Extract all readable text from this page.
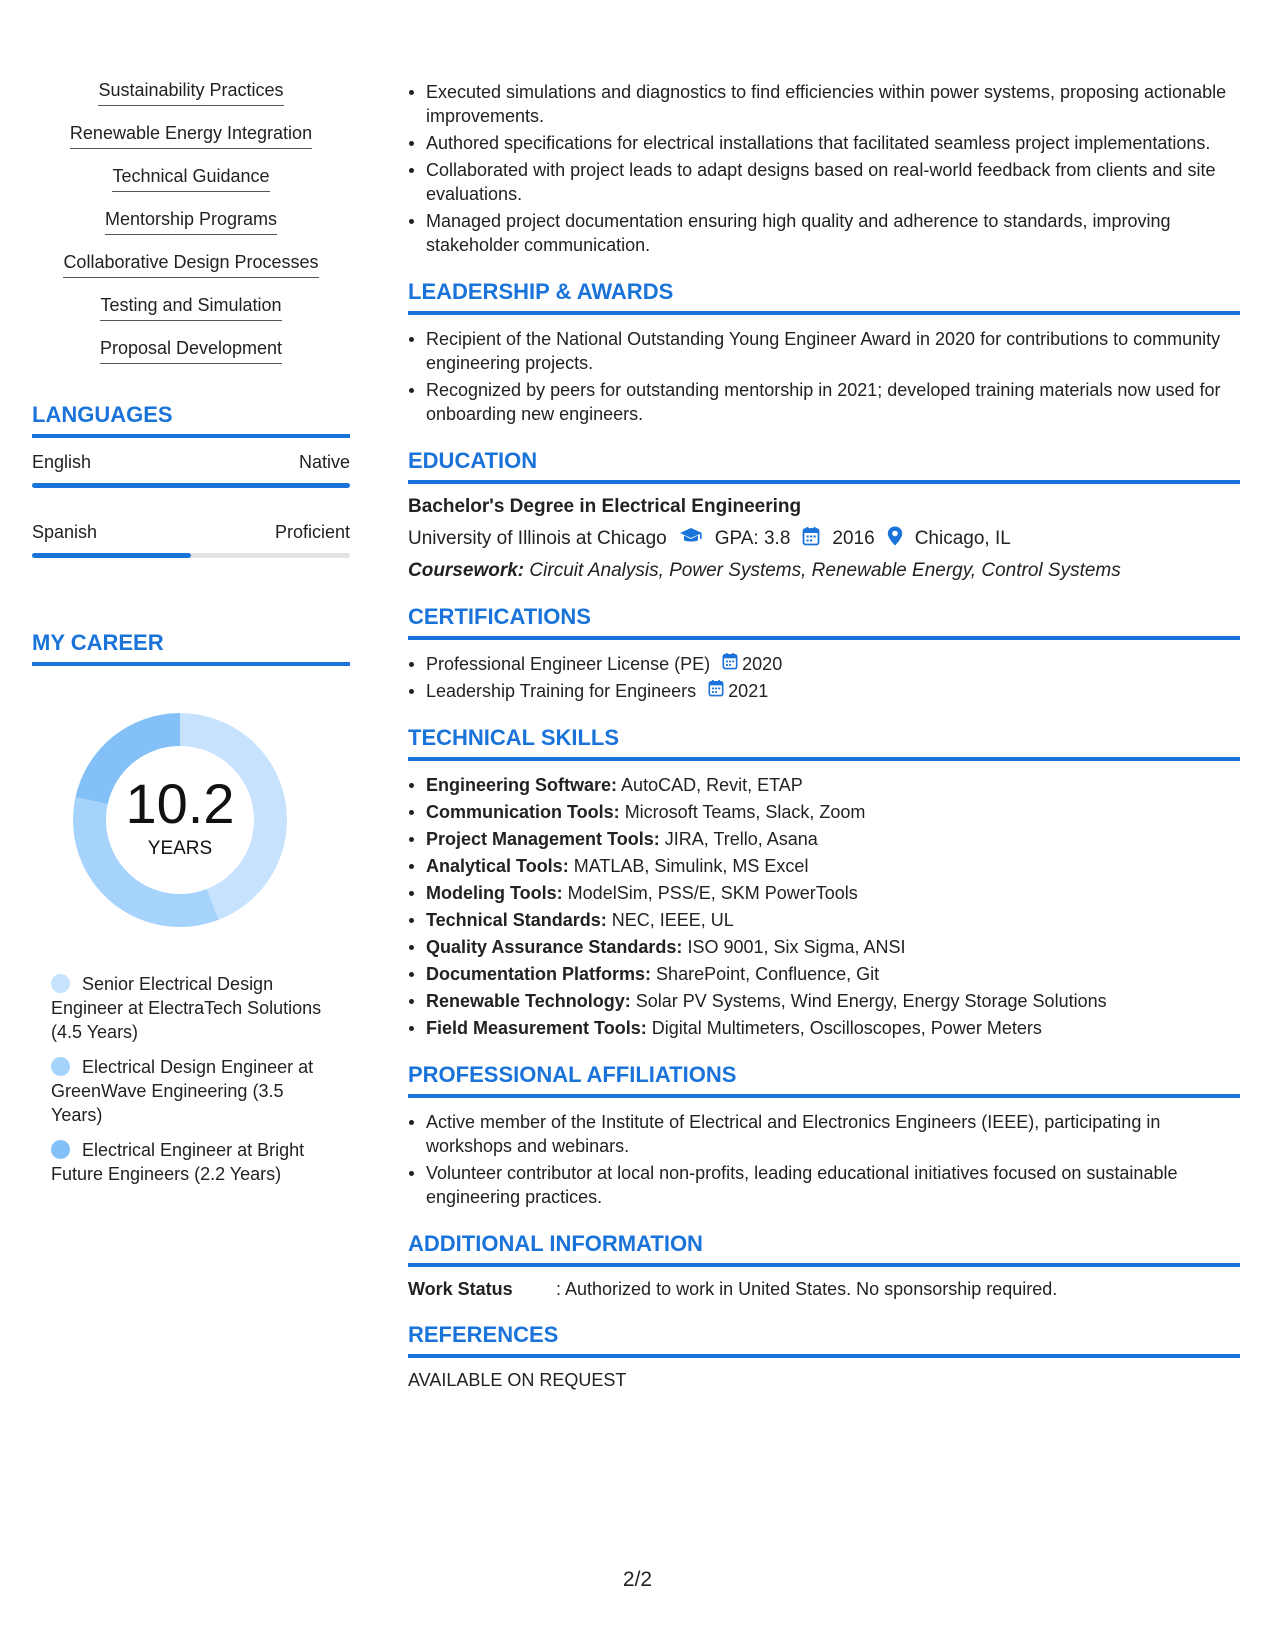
Sustainability Practices
Renewable Energy Integration
Technical Guidance
Mentorship Programs
Collaborative Design Processes
Testing and Simulation
Proposal Development
LANGUAGES
English	Native
Spanish	Proficient
MY CAREER
10.2
YEARS
Senior Electrical Design Engineer at ElectraTech Solutions (4.5 Years)
Electrical Design Engineer at GreenWave Engineering (3.5 Years)
Electrical Engineer at Bright Future Engineers (2.2 Years)
Executed simulations and diagnostics to find efficiencies within power systems, proposing actionable improvements.
Authored specifications for electrical installations that facilitated seamless project implementations.
Collaborated with project leads to adapt designs based on real-world feedback from clients and site evaluations.
Managed project documentation ensuring high quality and adherence to standards, improving stakeholder communication.
LEADERSHIP & AWARDS
Recipient of the National Outstanding Young Engineer Award in 2020 for contributions to community engineering projects.
Recognized by peers for outstanding mentorship in 2021; developed training materials now used for onboarding new engineers.
EDUCATION
Bachelor's Degree in Electrical Engineering
University of Illinois at Chicago	GPA: 3.8 2016 Chicago, IL
Coursework: Circuit Analysis, Power Systems, Renewable Energy, Control Systems
CERTIFICATIONS
Professional Engineer License (PE) 2020
Leadership Training for Engineers 2021
TECHNICAL SKILLS
Engineering Software: AutoCAD, Revit, ETAP
Communication Tools: Microsoft Teams, Slack, Zoom
Project Management Tools: JIRA, Trello, Asana
Analytical Tools: MATLAB, Simulink, MS Excel
Modeling Tools: ModelSim, PSS/E, SKM PowerTools
Technical Standards: NEC, IEEE, UL
Quality Assurance Standards: ISO 9001, Six Sigma, ANSI
Documentation Platforms: SharePoint, Confluence, Git
Renewable Technology: Solar PV Systems, Wind Energy, Energy Storage Solutions
Field Measurement Tools: Digital Multimeters, Oscilloscopes, Power Meters
PROFESSIONAL AFFILIATIONS
Active member of the Institute of Electrical and Electronics Engineers (IEEE), participating in workshops and webinars.
Volunteer contributor at local non-profits, leading educational initiatives focused on sustainable engineering practices.
ADDITIONAL INFORMATION
Work Status	: Authorized to work in United States. No sponsorship required.
REFERENCES
AVAILABLE ON REQUEST
2/2
